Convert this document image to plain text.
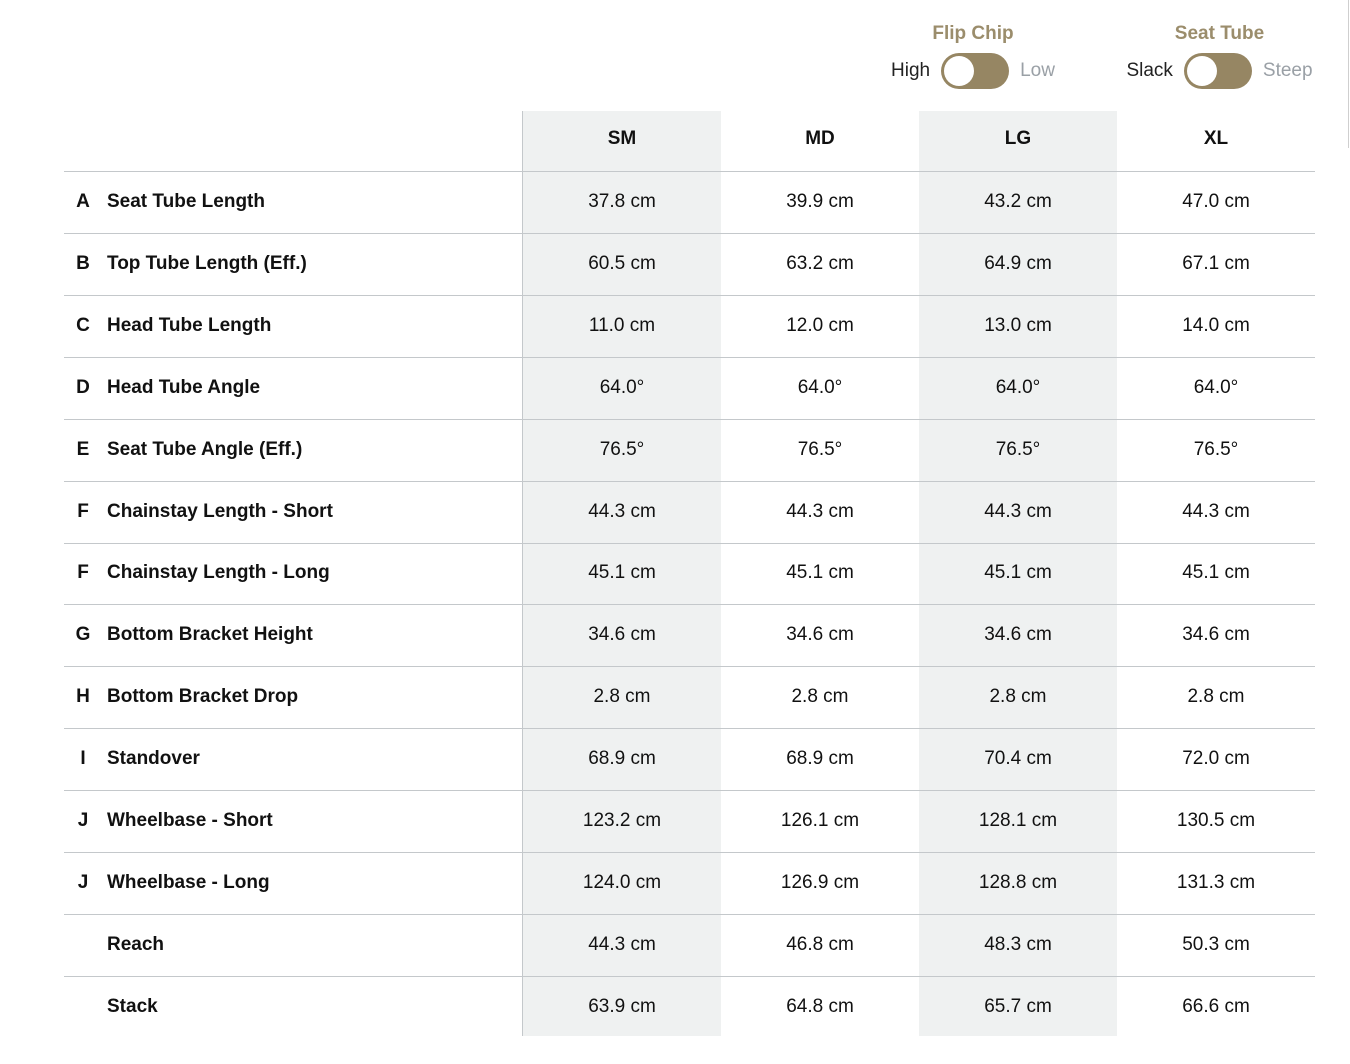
Flip Chip
High	Low
Seat Tube
Slack	Steep
SM	MD	LG	XL
A Seat Tube Length	37.8 cm	39.9 cm	43.2 cm	47.0 cm
B Top Tube Length (Eff.)	60.5 cm	63.2 cm	64.9 cm	67.1 cm
C Head Tube Length	11.0 cm	12.0 cm	13.0 cm	14.0 cm
D Head Tube Angle	64.0°	64.0°	64.0°	64.0°
E Seat Tube Angle (Eff.)	76.5°	76.5°	76.5°	76.5°
F Chainstay Length - Short	44.3 cm	44.3 cm	44.3 cm	44.3 cm
F Chainstay Length - Long	45.1 cm	45.1 cm	45.1 cm	45.1 cm
G Bottom Bracket Height	34.6 cm	34.6 cm	34.6 cm	34.6 cm
H Bottom Bracket Drop	2.8 cm	2.8 cm	2.8 cm	2.8 cm
I	Standover	68.9 cm	68.9 cm	70.4 cm	72.0 cm
J Wheelbase - Short	123.2 cm	126.1 cm	128.1 cm	130.5 cm
J Wheelbase - Long	124.0 cm	126.9 cm	128.8 cm	131.3 cm
Reach	44.3 cm	46.8 cm	48.3 cm	50.3 cm
Stack	63.9 cm	64.8 cm	65.7 cm	66.6 cm
